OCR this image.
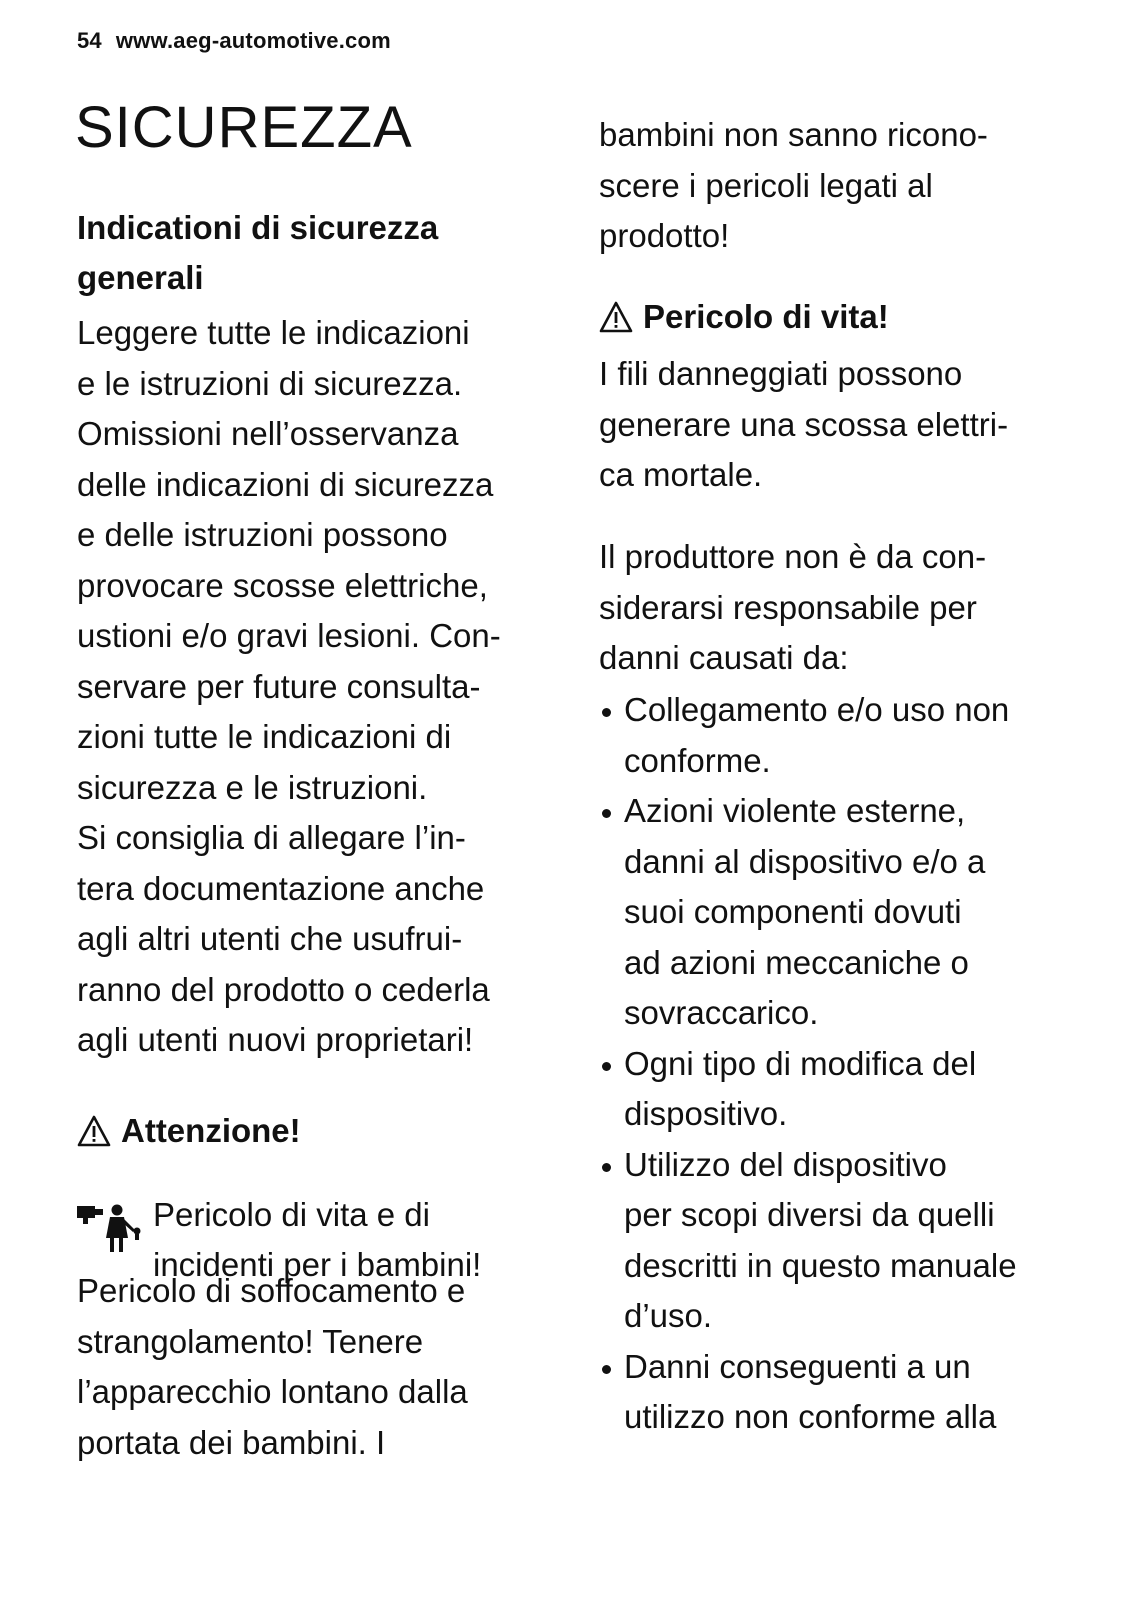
54 www.aeg-automotive.com
SICUREZZA
Indicationi di sicurezza
generali
Leggere tutte le indicazioni
e le istruzioni di sicurezza.
Omissioni nell’osservanza
delle indicazioni di sicurezza
e delle istruzioni possono
provocare scosse elettriche,
ustioni e/o gravi lesioni. Con-
servare per future consulta-
zioni tutte le indicazioni di
sicurezza e le istruzioni.
Si consiglia di allegare l’in-
tera documentazione anche
agli altri utenti che usufrui-
ranno del prodotto o cederla
agli utenti nuovi proprietari!
Attenzione!
Pericolo di vita e di
incidenti per i bambini!
Pericolo di soffocamento e
strangolamento! Tenere
l’apparecchio lontano dalla
portata dei bambini. I
bambini non sanno ricono-
scere i pericoli legati al
prodotto!
Pericolo di vita!
I fili danneggiati possono
generare una scossa elettri-
ca mortale.
Il produttore non è da con-
siderarsi responsabile per
danni causati da:
Collegamento e/o uso non
conforme.
Azioni violente esterne,
danni al dispositivo e/o a
suoi componenti dovuti
ad azioni meccaniche o
sovraccarico.
Ogni tipo di modifica del
dispositivo.
Utilizzo del dispositivo
per scopi diversi da quelli
descritti in questo manuale
d’uso.
Danni conseguenti a un
utilizzo non conforme alla
